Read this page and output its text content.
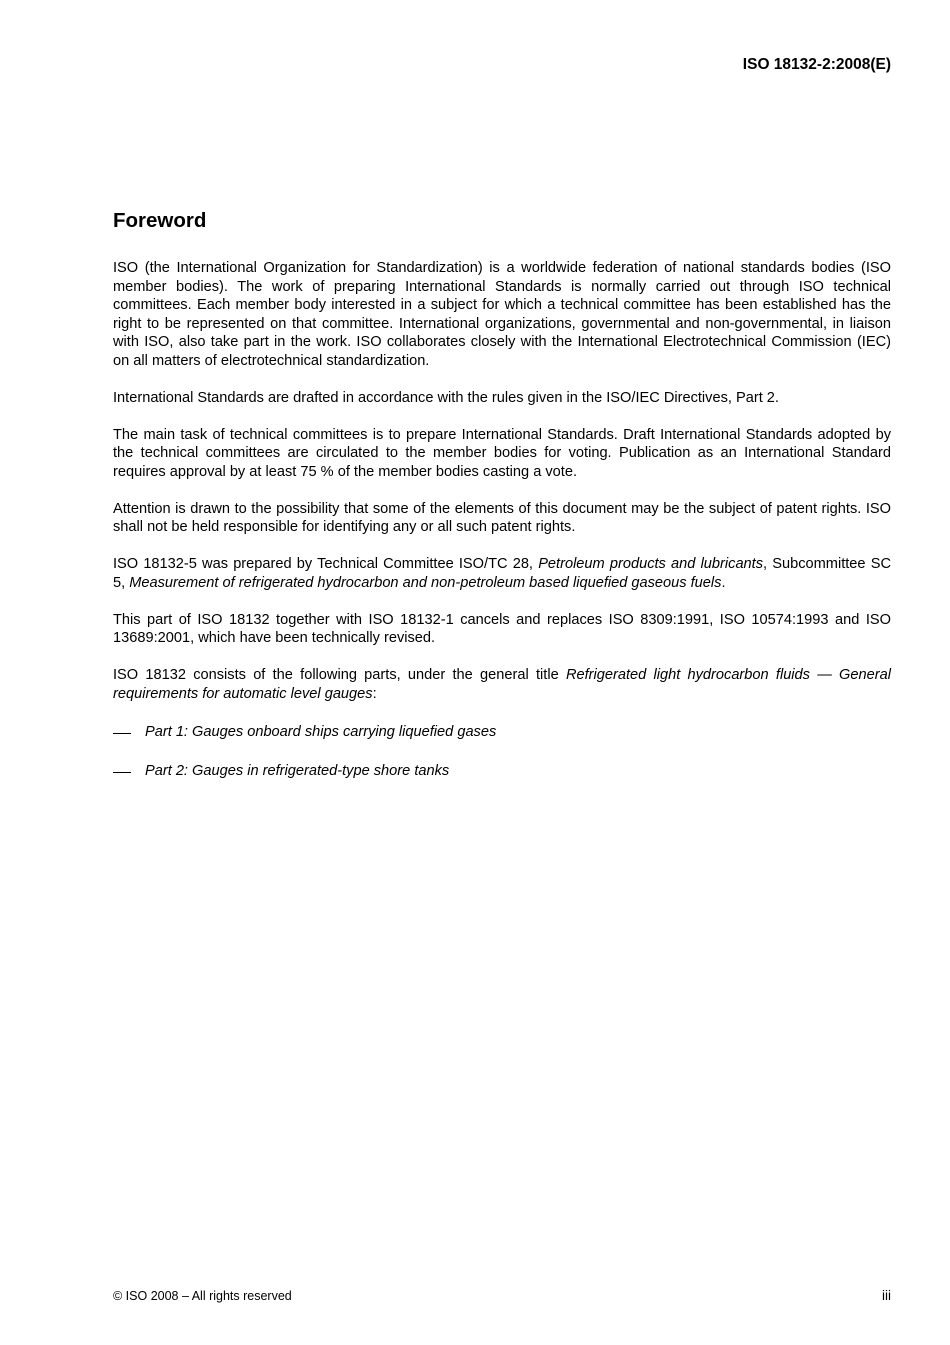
ISO 18132-2:2008(E)
Foreword

ISO (the International Organization for Standardization) is a worldwide federation of national standards bodies (ISO member bodies). The work of preparing International Standards is normally carried out through ISO technical committees. Each member body interested in a subject for which a technical committee has been established has the right to be represented on that committee. International organizations, governmental and non-governmental, in liaison with ISO, also take part in the work. ISO collaborates closely with the International Electrotechnical Commission (IEC) on all matters of electrotechnical standardization.

International Standards are drafted in accordance with the rules given in the ISO/IEC Directives, Part 2.

The main task of technical committees is to prepare International Standards. Draft International Standards adopted by the technical committees are circulated to the member bodies for voting. Publication as an International Standard requires approval by at least 75 % of the member bodies casting a vote.

Attention is drawn to the possibility that some of the elements of this document may be the subject of patent rights. ISO shall not be held responsible for identifying any or all such patent rights.

ISO 18132-5 was prepared by Technical Committee ISO/TC 28, Petroleum products and lubricants, Subcommittee SC 5, Measurement of refrigerated hydrocarbon and non-petroleum based liquefied gaseous fuels.

This part of ISO 18132 together with ISO 18132-1 cancels and replaces ISO 8309:1991, ISO 10574:1993 and ISO 13689:2001, which have been technically revised.

ISO 18132 consists of the following parts, under the general title Refrigerated light hydrocarbon fluids — General requirements for automatic level gauges:

Part 1: Gauges onboard ships carrying liquefied gases
Part 2: Gauges in refrigerated-type shore tanks
© ISO 2008 – All rights reserved	iii
